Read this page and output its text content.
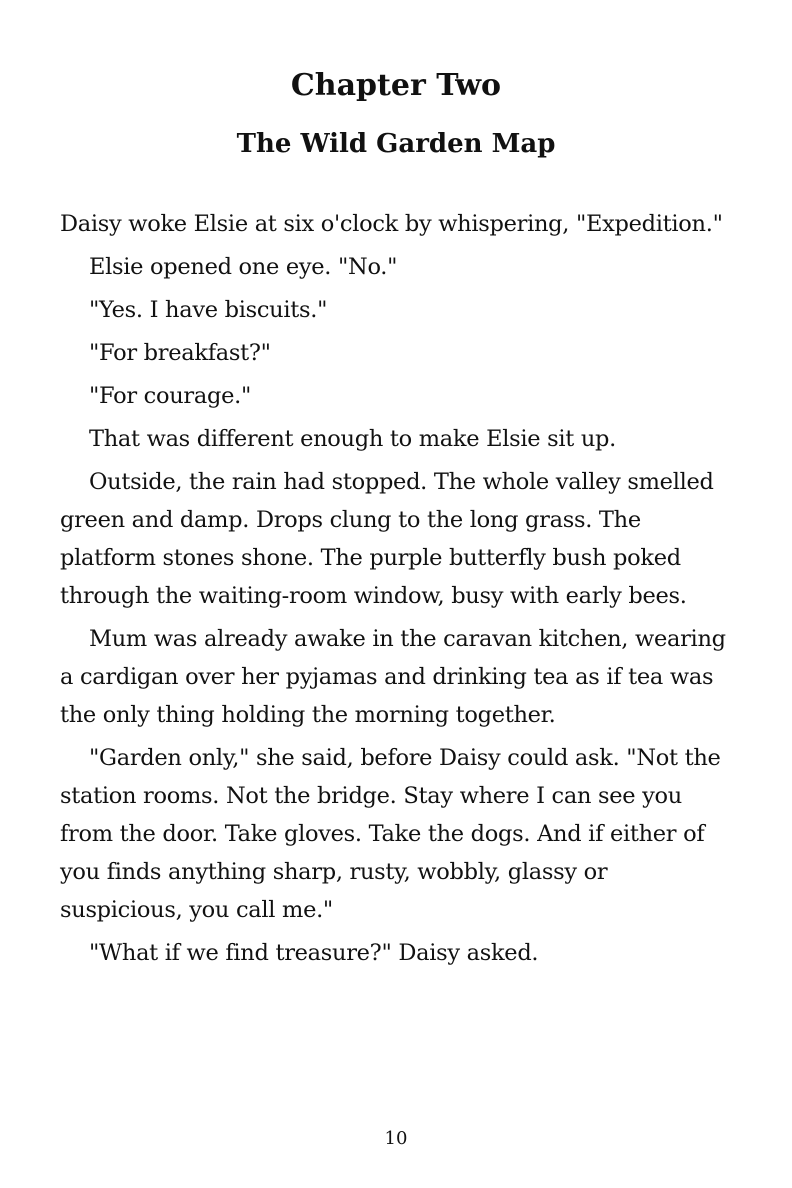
Chapter Two
The Wild Garden Map

Daisy woke Elsie at six o'clock by whispering, "Expedition."

Elsie opened one eye. "No."

"Yes. I have biscuits."

"For breakfast?"

"For courage."

That was different enough to make Elsie sit up.

Outside, the rain had stopped. The whole valley smelled green and damp. Drops clung to the long grass. The platform stones shone. The purple butterfly bush poked through the waiting-room window, busy with early bees.

Mum was already awake in the caravan kitchen, wearing a cardigan over her pyjamas and drinking tea as if tea was the only thing holding the morning together.

"Garden only," she said, before Daisy could ask. "Not the station rooms. Not the bridge. Stay where I can see you from the door. Take gloves. Take the dogs. And if either of you finds anything sharp, rusty, wobbly, glassy or suspicious, you call me."

"What if we find treasure?" Daisy asked.

10
